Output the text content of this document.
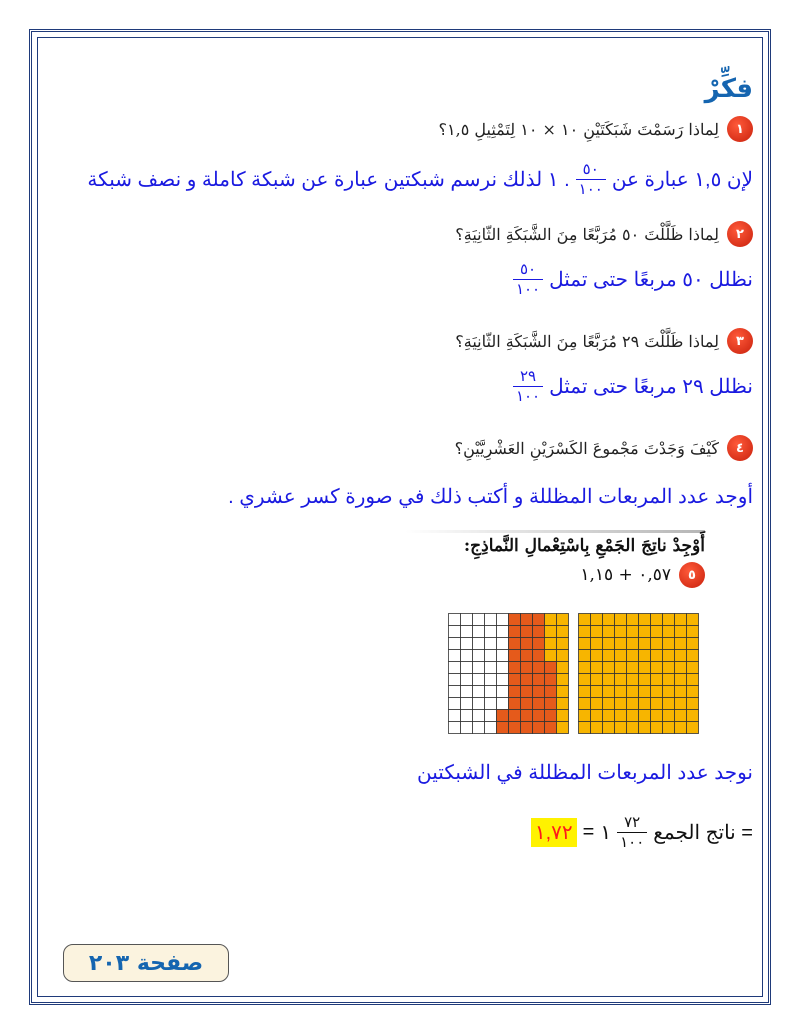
فكِّرْ
١
لِماذا رَسَمْتَ شَبَكَتَيْنِ ١٠ × ١٠ لِتَمْثِيلِ ١,٥؟
لإن ١,٥ عبارة عن
$\frac{٥٠}{١٠٠}$
١ لذلك نرسم شبكتين عبارة عن شبكة كاملة و نصف شبكة .
٢
لِماذا ظَلَّلْتَ ٥٠ مُرَبَّعًا مِنَ الشَّبَكَةِ الثّانِيَةِ؟
نظلل ٥٠ مربعًا حتى تمثل
$\frac{٥٠}{١٠٠}$
٣
لِماذا ظَلَّلْتَ ٢٩ مُرَبَّعًا مِنَ الشَّبَكَةِ الثّانِيَةِ؟
نظلل ٢٩ مربعًا حتى تمثل
$\frac{٢٩}{١٠٠}$
٤
كَيْفَ وَجَدْتَ مَجْموعَ الكَسْرَيْنِ العَشْرِيَّيْنِ؟
أوجد عدد المربعات المظللة و أكتب ذلك في صورة كسر عشري .
أَوْجِدْ ناتِجَ الجَمْعِ بِاسْتِعْمالِ النَّماذِجِ:
٥
٠,٥٧ + ١,١٥
نوجد عدد المربعات المظللة في الشبكتين
ناتج الجمع =
$\frac{٧٢}{١٠٠}$
١
=
١,٧٢
صفحة ٢٠٣
